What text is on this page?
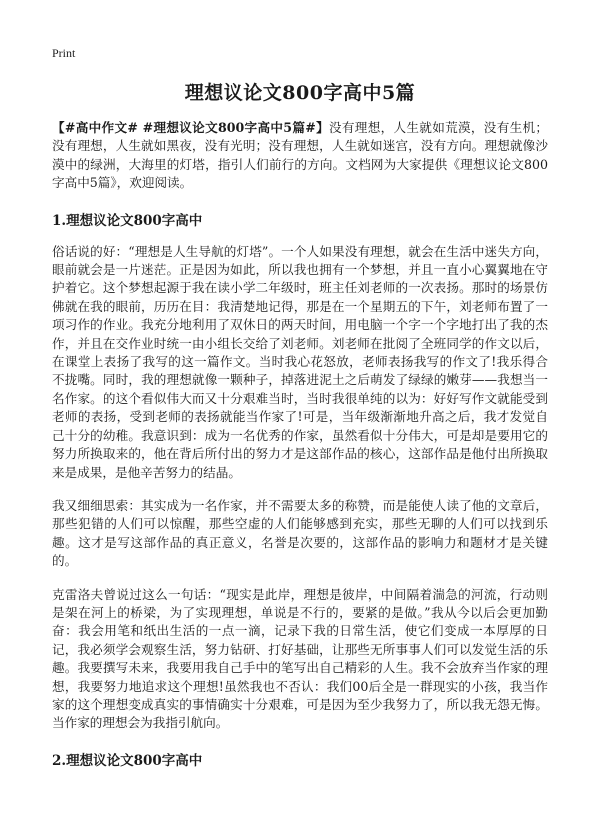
Print
理想议论文800字高中5篇

【#高中作文# #理想议论文800字高中5篇#】没有理想，人生就如荒漠，没有生机；没有理想，人生就如黑夜，没有光明；没有理想，人生就如迷宫，没有方向。理想就像沙漠中的绿洲，大海里的灯塔，指引人们前行的方向。文档网为大家提供《理想议论文800字高中5篇》，欢迎阅读。

1.理想议论文800字高中

俗话说的好：“理想是人生导航的灯塔”。一个人如果没有理想，就会在生活中迷失方向，眼前就会是一片迷茫。正是因为如此，所以我也拥有一个梦想，并且一直小心翼翼地在守护着它。这个梦想起源于我在读小学二年级时，班主任刘老师的一次表扬。那时的场景仿佛就在我的眼前，历历在目：我清楚地记得，那是在一个星期五的下午，刘老师布置了一项习作的作业。我充分地利用了双休日的两天时间，用电脑一个字一个字地打出了我的杰作，并且在交作业时统一由小组长交给了刘老师。刘老师在批阅了全班同学的作文以后，在课堂上表扬了我写的这一篇作文。当时我心花怒放，老师表扬我写的作文了!我乐得合不拢嘴。同时，我的理想就像一颗种子，掉落进泥土之后萌发了绿绿的嫩芽——我想当一名作家。的这个看似伟大而又十分艰难当时，当时我很单纯的以为：好好写作文就能受到老师的表扬，受到老师的表扬就能当作家了!可是，当年级渐渐地升高之后，我才发觉自己十分的幼稚。我意识到：成为一名优秀的作家，虽然看似十分伟大，可是却是要用它的努力所换取来的，他在背后所付出的努力才是这部作品的核心，这部作品是他付出所换取来是成果，是他辛苦努力的结晶。

我又细细思索：其实成为一名作家，并不需要太多的称赞，而是能使人读了他的文章后，那些犯错的人们可以惊醒，那些空虚的人们能够感到充实，那些无聊的人们可以找到乐趣。这才是写这部作品的真正意义，名誉是次要的，这部作品的影响力和题材才是关键的。

克雷洛夫曾说过这么一句话：“现实是此岸，理想是彼岸，中间隔着湍急的河流，行动则是架在河上的桥梁，为了实现理想，单说是不行的，要紧的是做。”我从今以后会更加勤奋：我会用笔和纸出生活的一点一滴，记录下我的日常生活，使它们变成一本厚厚的日记，我必须学会观察生活，努力钻研、打好基础，让那些无所事事人们可以发觉生活的乐趣。我要撰写未来，我要用我自己手中的笔写出自己精彩的人生。我不会放弃当作家的理想，我要努力地追求这个理想!虽然我也不否认：我们00后全是一群现实的小孩，我当作家的这个理想变成真实的事情确实十分艰难，可是因为至少我努力了，所以我无怨无悔。当作家的理想会为我指引航向。

2.理想议论文800字高中
